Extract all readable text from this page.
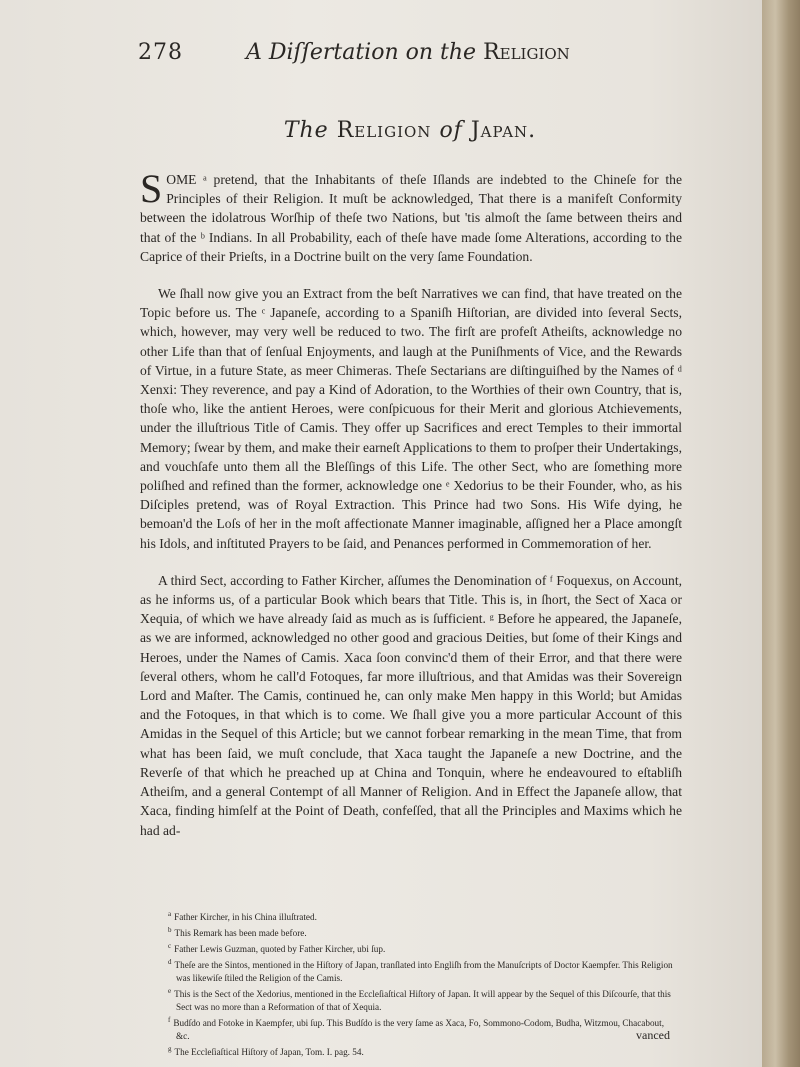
278	A Diſſertation on the Religion
The Religion of Japan.

SOME ᵃ pretend, that the Inhabitants of theſe Iſlands are indebted to the Chineſe for the Principles of their Religion. It muſt be acknowledged, That there is a manifeſt Conformity between the idolatrous Worſhip of theſe two Nations, but 'tis almoſt the ſame between theirs and that of the ᵇ Indians. In all Probability, each of theſe have made ſome Alterations, according to the Caprice of their Prieſts, in a Doctrine built on the very ſame Foundation.

We ſhall now give you an Extract from the beſt Narratives we can find, that have treated on the Topic before us. The ᶜ Japaneſe, according to a Spaniſh Hiſtorian, are divided into ſeveral Sects, which, however, may very well be reduced to two. The firſt are profeſt Atheiſts, acknowledge no other Life than that of ſenſual Enjoyments, and laugh at the Puniſhments of Vice, and the Rewards of Virtue, in a future State, as meer Chimeras. Theſe Sectarians are diſtinguiſhed by the Names of ᵈ Xenxi: They reverence, and pay a Kind of Adoration, to the Worthies of their own Country, that is, thoſe who, like the antient Heroes, were conſpicuous for their Merit and glorious Atchievements, under the illuſtrious Title of Camis. They offer up Sacrifices and erect Temples to their immortal Memory; ſwear by them, and make their earneſt Applications to them to proſper their Undertakings, and vouchſafe unto them all the Bleſſings of this Life. The other Sect, who are ſomething more poliſhed and refined than the former, acknowledge one ᵉ Xedorius to be their Founder, who, as his Diſciples pretend, was of Royal Extraction. This Prince had two Sons. His Wife dying, he bemoan'd the Loſs of her in the moſt affectionate Manner imaginable, aſſigned her a Place amongſt his Idols, and inſtituted Prayers to be ſaid, and Penances performed in Commemoration of her.

A third Sect, according to Father Kircher, aſſumes the Denomination of ᶠ Foquexus, on Account, as he informs us, of a particular Book which bears that Title. This is, in ſhort, the Sect of Xaca or Xequia, of which we have already ſaid as much as is ſufficient. ᵍ Before he appeared, the Japaneſe, as we are informed, acknowledged no other good and gracious Deities, but ſome of their Kings and Heroes, under the Names of Camis. Xaca ſoon convinc'd them of their Error, and that there were ſeveral others, whom he call'd Fotoques, far more illuſtrious, and that Amidas was their Sovereign Lord and Maſter. The Camis, continued he, can only make Men happy in this World; but Amidas and the Fotoques, in that which is to come. We ſhall give you a more particular Account of this Amidas in the Sequel of this Article; but we cannot forbear remarking in the mean Time, that from what has been ſaid, we muſt conclude, that Xaca taught the Japaneſe a new Doctrine, and the Reverſe of that which he preached up at China and Tonquin, where he endeavoured to eſtabliſh Atheiſm, and a general Contempt of all Manner of Religion. And in Effect the Japaneſe allow, that Xaca, finding himſelf at the Point of Death, confeſſed, that all the Principles and Maxims which he had ad-

$^a$ Father Kircher, in his China illuſtrated.

$^b$ This Remark has been made before.

$^c$ Father Lewis Guzman, quoted by Father Kircher, ubi ſup.

$^d$ Theſe are the Sintos, mentioned in the Hiſtory of Japan, tranſlated into Engliſh from the Manuſcripts of Doctor Kaempfer. This Religion was likewiſe ſtiled the Religion of the Camis.

$^e$ This is the Sect of the Xedorius, mentioned in the Eccleſiaſtical Hiſtory of Japan. It will appear by the Sequel of this Diſcourſe, that this Sect was no more than a Reformation of that of Xequia.

$^f$ Budſdo and Fotoke in Kaempfer, ubi ſup. This Budſdo is the very ſame as Xaca, Fo, Sommono-Codom, Budha, Witzmou, Chacabout, &c.

$^g$ The Eccleſiaſtical Hiſtory of Japan, Tom. I. pag. 54.

vanced
